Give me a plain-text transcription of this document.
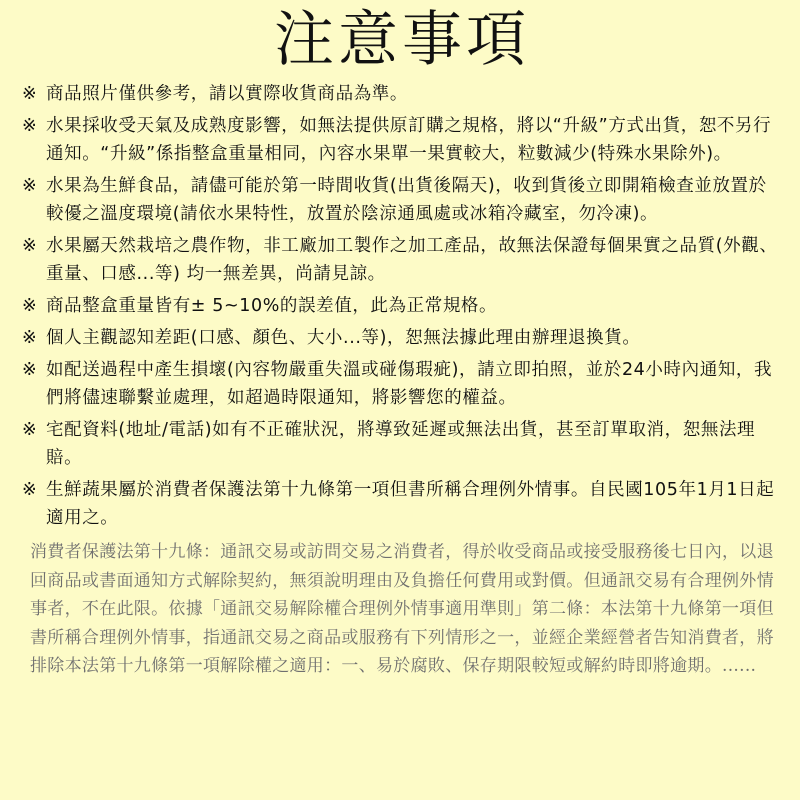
注意事項
※ 商品照片僅供參考，請以實際收貨商品為準。
※ 水果採收受天氣及成熟度影響，如無法提供原訂購之規格，將以“升級”方式出貨，恕不另行通知。“升級”係指整盒重量相同，內容水果單一果實較大，粒數減少(特殊水果除外)。
※ 水果為生鮮食品，請儘可能於第一時間收貨(出貨後隔天)，收到貨後立即開箱檢查並放置於較優之溫度環境(請依水果特性，放置於陰涼通風處或冰箱冷藏室，勿冷凍)。
※ 水果屬天然栽培之農作物，非工廠加工製作之加工產品，故無法保證每個果實之品質(外觀、重量、口感...等) 均一無差異，尚請見諒。
※ 商品整盒重量皆有± 5~10%的誤差值，此為正常規格。
※ 個人主觀認知差距(口感、顏色、大小...等)，恕無法據此理由辦理退換貨。
※ 如配送過程中產生損壞(內容物嚴重失溫或碰傷瑕疵)，請立即拍照，並於24小時內通知，我們將儘速聯繫並處理，如超過時限通知，將影響您的權益。
※ 宅配資料(地址/電話)如有不正確狀況，將導致延遲或無法出貨，甚至訂單取消，恕無法理賠。
※ 生鮮蔬果屬於消費者保護法第十九條第一項但書所稱合理例外情事。自民國105年1月1日起適用之。

消費者保護法第十九條：通訊交易或訪問交易之消費者，得於收受商品或接受服務後七日內，以退回商品或書面通知方式解除契約，無須說明理由及負擔任何費用或對價。但通訊交易有合理例外情事者，不在此限。依據「通訊交易解除權合理例外情事適用準則」第二條：本法第十九條第一項但書所稱合理例外情事，指通訊交易之商品或服務有下列情形之一，並經企業經營者告知消費者，將排除本法第十九條第一項解除權之適用：一、易於腐敗、保存期限較短或解約時即將逾期。......
